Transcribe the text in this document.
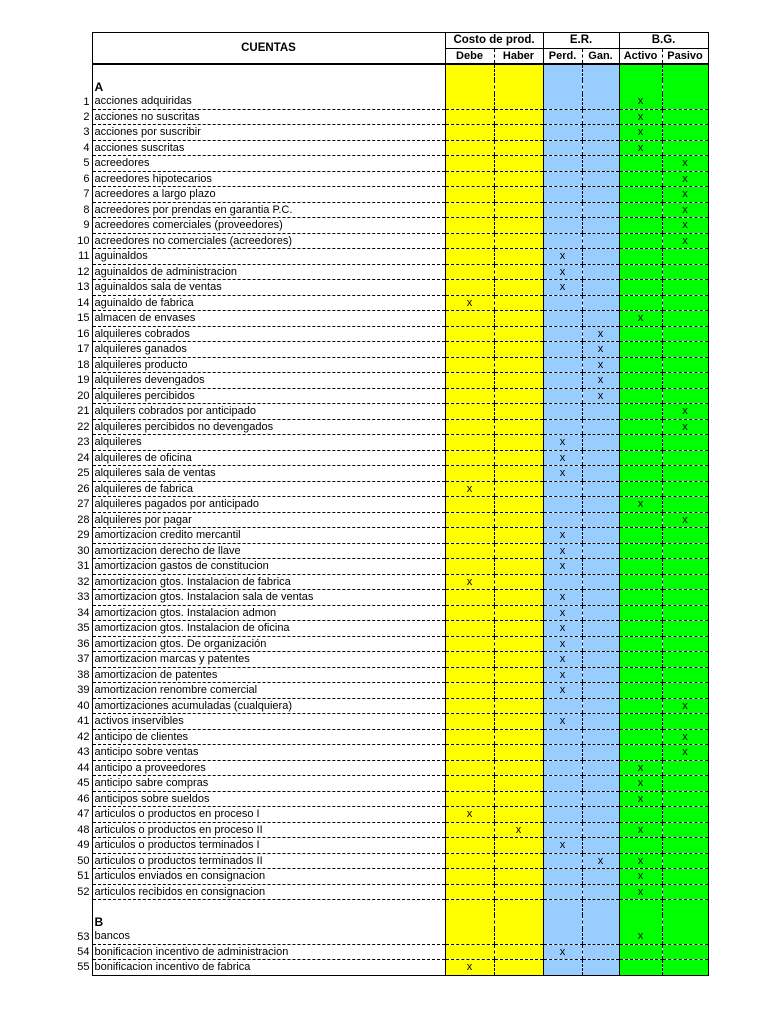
	CUENTAS	Costo de prod.		E.R.		B.G.	
		Debe	Haber	Perd.	Gan.	Activo	Pasivo

	A						
1	acciones adquiridas					x	
2	acciones no suscritas					x	
3	acciones por suscribir					x	
4	acciones suscritas					x	
5	acreedores						x
6	acreedores hipotecarios						x
7	acreedores a largo plazo						x
8	acreedores por prendas en garantia P.C.						x
9	acreedores comerciales (proveedores)						x
10	acreedores no comerciales (acreedores)						x
11	aguinaldos			x			
12	aguinaldos de administracion			x			
13	aguinaldos sala de ventas			x			
14	aguinaldo de fabrica	x					
15	almacen de envases					x	
16	alquileres cobrados				x		
17	alquileres ganados				x		
18	alquileres producto				x		
19	alquileres devengados				x		
20	alquileres percibidos				x		
21	alquilers cobrados por anticipado						x
22	alquileres percibidos no devengados						x
23	alquileres			x			
24	alquileres de oficina			x			
25	alquileres sala de ventas			x			
26	alquileres de fabrica	x					
27	alquileres pagados por anticipado					x	
28	alquileres por pagar						x
29	amortizacion credito mercantil			x			
30	amortizacion derecho de llave			x			
31	amortizacion gastos de constitucion			x			
32	amortizacion gtos. Instalacion de fabrica	x					
33	amortizacion gtos. Instalacion sala de ventas			x			
34	amortizacion gtos. Instalacion admon			x			
35	amortizacion gtos. Instalacion de oficina			x			
36	amortizacion gtos. De organización			x			
37	amortizacion marcas y patentes			x			
38	amortizacion de patentes			x			
39	amortizacion renombre comercial			x			
40	amortizaciones acumuladas (cualquiera)						x
41	activos inservibles			x			
42	anticipo de clientes						x
43	anticipo sobre ventas						x
44	anticipo a proveedores					x	
45	anticipo sabre compras					x	
46	anticipos sobre sueldos					x	
47	articulos o productos en proceso I	x					
48	articulos o productos en proceso II		x			x	
49	articulos o productos terminados I			x			
50	articulos o productos terminados II				x	x	
51	articulos enviados en consignacion					x	
52	articulos recibidos en consignacion					x	

	B						
53	bancos					x	
54	bonificacion incentivo de administracion			x			
55	bonificacion incentivo de fabrica	x					
